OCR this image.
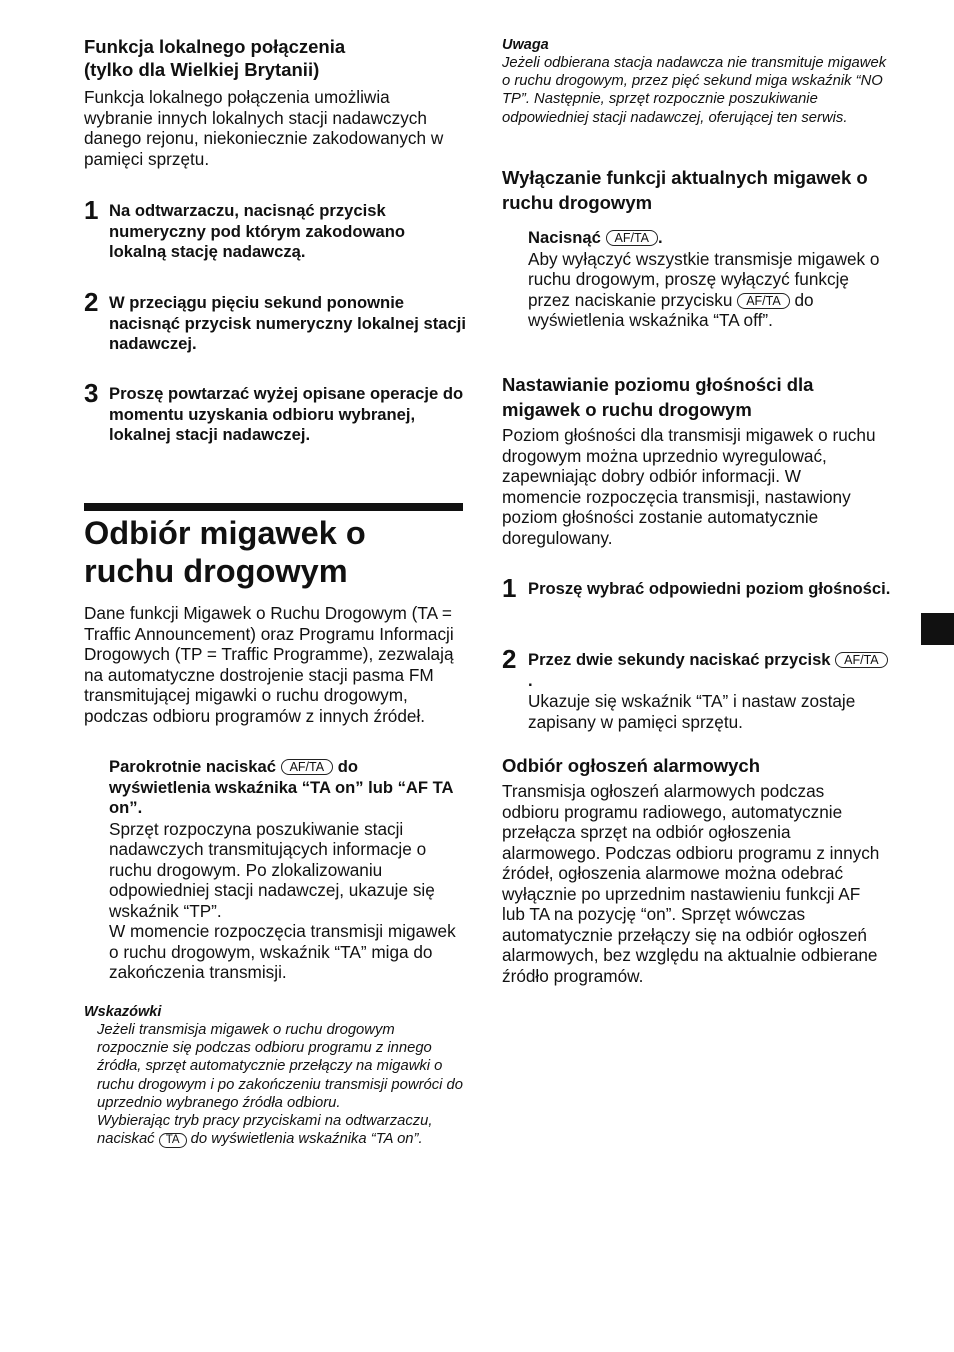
Funkcja lokalnego połączenia
(tylko dla Wielkiej Brytanii)

Funkcja lokalnego połączenia umożliwia wybranie innych lokalnych stacji nadawczych danego rejonu, niekoniecznie zakodowanych w pamięci sprzętu.

1 Na odtwarzaczu, nacisnąć przycisk numeryczny pod którym zakodowano lokalną stację nadawczą.
2 W przeciągu pięciu sekund ponownie nacisnąć przycisk numeryczny lokalnej stacji nadawczej.
3 Proszę powtarzać wyżej opisane operacje do momentu uzyskania odbioru wybranej, lokalnej stacji nadawczej.
Odbiór migawek o ruchu drogowym

Dane funkcji Migawek o Ruchu Drogowym (TA = Traffic Announcement) oraz Programu Informacji Drogowych (TP = Traffic Programme), zezwalają na automatyczne dostrojenie stacji pasma FM transmitującej migawki o ruchu drogowym, podczas odbioru programów z innych źródeł.

Parokrotnie naciskać AF/TA do wyświetlenia wskaźnika “TA on” lub “AF TA on”.

Sprzęt rozpoczyna poszukiwanie stacji nadawczych transmitujących informacje o ruchu drogowym. Po zlokalizowaniu odpowiedniej stacji nadawczej, ukazuje się wskaźnik “TP”.

W momencie rozpoczęcia transmisji migawek o ruchu drogowym, wskaźnik “TA” miga do zakończenia transmisji.

Wskazówki

Jeżeli transmisja migawek o ruchu drogowym rozpocznie się podczas odbioru programu z innego źródła, sprzęt automatycznie przełączy na migawki o ruchu drogowym i po zakończeniu transmisji powróci do uprzednio wybranego źródła odbioru.

Wybierając tryb pracy przyciskami na odtwarzaczu, naciskać TA do wyświetlenia wskaźnika “TA on”.

Uwaga

Jeżeli odbierana stacja nadawcza nie transmituje migawek o ruchu drogowym, przez pięć sekund miga wskaźnik “NO TP”. Następnie, sprzęt rozpocznie poszukiwanie odpowiedniej stacji nadawczej, oferującej ten serwis.

Wyłączanie funkcji aktualnych migawek o ruchu drogowym

Nacisnąć AF/TA .

Aby wyłączyć wszystkie transmisje migawek o ruchu drogowym, proszę wyłączyć funkcję przez naciskanie przycisku AF/TA do wyświetlenia wskaźnika “TA off”.

Nastawianie poziomu głośności dla migawek o ruchu drogowym

Poziom głośności dla transmisji migawek o ruchu drogowym można uprzednio wyregulować, zapewniając dobry odbiór informacji. W momencie rozpoczęcia transmisji, nastawiony poziom głośności zostanie automatycznie doregulowany.

1 Proszę wybrać odpowiedni poziom głośności.
2 Przez dwie sekundy naciskać przycisk AF/TA.

Ukazuje się wskaźnik “TA” i nastaw zostaje zapisany w pamięci sprzętu.

Odbiór ogłoszeń alarmowych

Transmisja ogłoszeń alarmowych podczas odbioru programu radiowego, automatycznie przełącza sprzęt na odbiór ogłoszenia alarmowego. Podczas odbioru programu z innych źródeł, ogłoszenia alarmowe można odebrać wyłącznie po uprzednim nastawieniu funkcji AF lub TA na pozycję “on”. Sprzęt wówczas automatycznie przełączy się na odbiór ogłoszeń alarmowych, bez względu na aktualnie odbierane źródło programów.
